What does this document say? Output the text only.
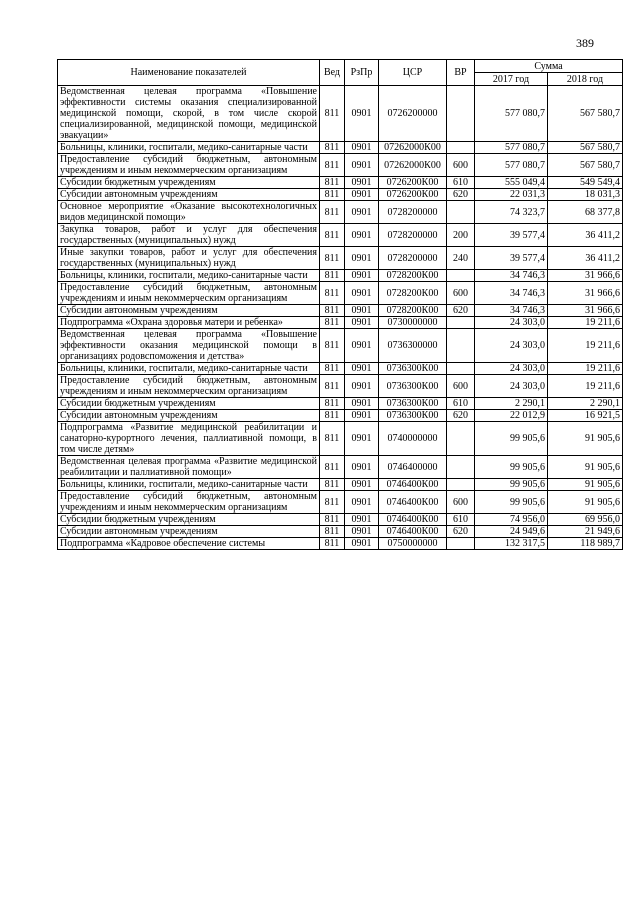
389
Наименование показателей	Вед	РзПр	ЦСР	ВР	Сумма	
					2017 год	2018 год
Ведомственная целевая программа «Повышение эффективности системы оказания специализированной медицинской помощи, скорой, в том числе скорой специализированной, медицинской помощи, медицинской эвакуации»	811	0901	0726200000		577 080,7	567 580,7
Больницы, клиники, госпитали, медико-санитарные части	811	0901	07262000К00		577 080,7	567 580,7
Предоставление субсидий бюджетным, автономным учреждениям и иным некоммерческим организациям	811	0901	07262000К00	600	577 080,7	567 580,7
Субсидии бюджетным учреждениям	811	0901	0726200К00	610	555 049,4	549 549,4
Субсидии автономным учреждениям	811	0901	0726200К00	620	22 031,3	18 031,3
Основное мероприятие «Оказание высокотехнологичных видов медицинской помощи»	811	0901	0728200000		74 323,7	68 377,8
Закупка товаров, работ и услуг для обеспечения государственных (муниципальных) нужд	811	0901	0728200000	200	39 577,4	36 411,2
Иные закупки товаров, работ и услуг для обеспечения государственных (муниципальных) нужд	811	0901	0728200000	240	39 577,4	36 411,2
Больницы, клиники, госпитали, медико-санитарные части	811	0901	0728200К00		34 746,3	31 966,6
Предоставление субсидий бюджетным, автономным учреждениям и иным некоммерческим организациям	811	0901	0728200К00	600	34 746,3	31 966,6
Субсидии автономным учреждениям	811	0901	0728200К00	620	34 746,3	31 966,6
Подпрограмма «Охрана здоровья матери и ребенка»	811	0901	0730000000		24 303,0	19 211,6
Ведомственная целевая программа «Повышение эффективности оказания медицинской помощи в организациях родовспоможения и детства»	811	0901	0736300000		24 303,0	19 211,6
Больницы, клиники, госпитали, медико-санитарные части	811	0901	0736300К00		24 303,0	19 211,6
Предоставление субсидий бюджетным, автономным учреждениям и иным некоммерческим организациям	811	0901	0736300К00	600	24 303,0	19 211,6
Субсидии бюджетным учреждениям	811	0901	0736300К00	610	2 290,1	2 290,1
Субсидии автономным учреждениям	811	0901	0736300К00	620	22 012,9	16 921,5
Подпрограмма «Развитие медицинской реабилитации и санаторно-курортного лечения, паллиативной помощи, в том числе детям»	811	0901	0740000000		99 905,6	91 905,6
Ведомственная целевая программа «Развитие медицинской реабилитации и паллиативной помощи»	811	0901	0746400000		99 905,6	91 905,6
Больницы, клиники, госпитали, медико-санитарные части	811	0901	0746400К00		99 905,6	91 905,6
Предоставление субсидий бюджетным, автономным учреждениям и иным некоммерческим организациям	811	0901	0746400К00	600	99 905,6	91 905,6
Субсидии бюджетным учреждениям	811	0901	0746400К00	610	74 956,0	69 956,0
Субсидии автономным учреждениям	811	0901	0746400К00	620	24 949,6	21 949,6
Подпрограмма «Кадровое обеспечение системы	811	0901	0750000000		132 317,5	118 989,7
